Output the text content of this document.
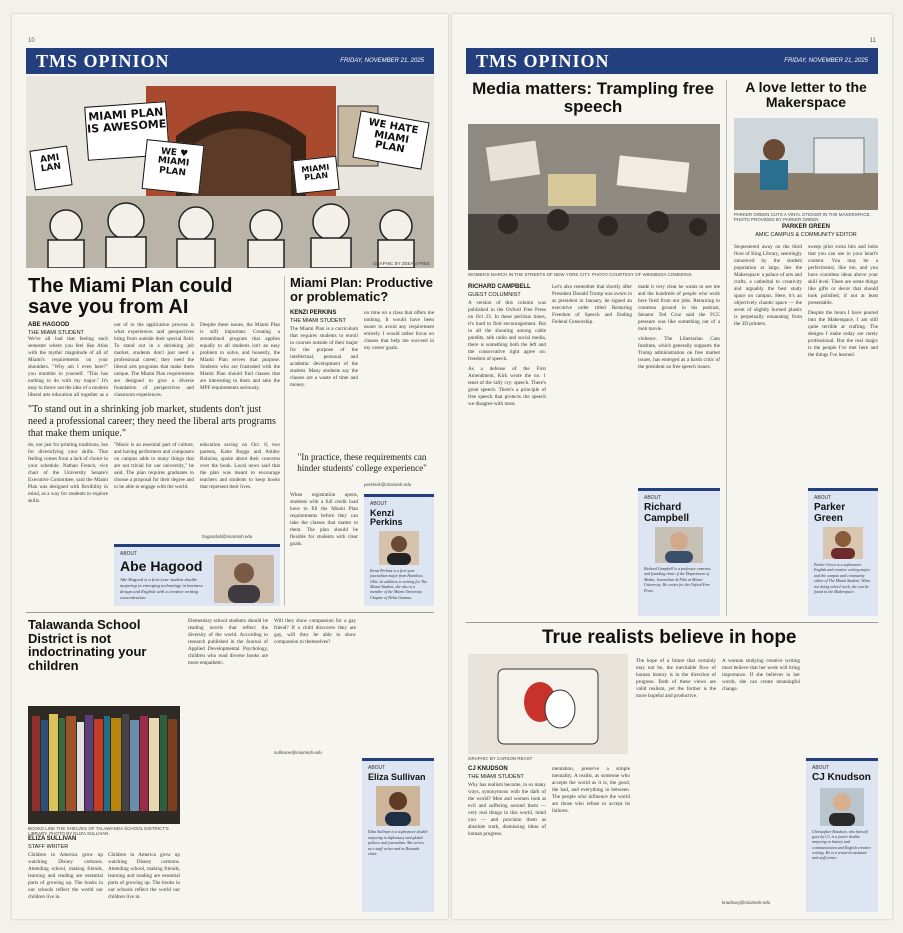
10
TMS OPINION	FRIDAY, NOVEMBER 21, 2025
MIAMI PLAN IS AWESOME
WE ♥ MIAMI PLAN
WE HATE MIAMI PLAN
MIAMI PLAN
AMI LAN
GRAPHIC BY ZEEAN FREE
The Miami Plan could save you from AI
ABE HAGOOD
THE MIAMI STUDENT

We've all had that feeling each semester where you feel like Atlas with the mythic magnitude of all of Miami's requirements on your shoulders. "Why am I even here?" you mumble to yourself. "This has nothing to do with my major." It's easy to throw out the idea of a modern liberal arts education all together as a

out of to the application process is what experiences and perspectives bring from outside their special field. To stand out in a shrinking job market, students don't just need a professional career; they need the liberal arts programs that make them unique. The Miami Plan requirements are designed to give a diverse foundation of perspectives and classroom experiences.

Despite these issues, the Miami Plan is still important. Creating a streamlined program that applies equally to all students isn't an easy problem to solve, and honestly, the Miami Plan serves that purpose. Students who are frustrated with the Miami Plan should find classes that are interesting to them and take the MPF requirements seriously.

"To stand out in a shrinking job market, students don't just need a professional career; they need the liberal arts programs that make them unique."

do, not just for printing traditions, but for diversifying your skills. That feeling comes from a lack of choice in your schedule. Nathan French, vice chair of the University Senate's Executive Committee, said the Miami Plan was designed with flexibility in mind, as a way for students to explore skills.

"Music is an essential part of culture, and having performers and composers on campus adds to many things that are not trivial for our university," he said. The plan requires graduates to choose a proposal for their degree and to be able to engage with the world.

education saving on Oct. 8, two parents, Katie Boggs and Ashley Boltzius, spoke about their concerns over the book. Local news said that the plan was meant to encourage teachers and students to keep books that represent their lives.

hagoodab@miamioh.edu
ABOUT
Abe Hagood
Abe Hagood is a first-year student double majoring in emerging technology in business design and English with a creative writing concentration.
Miami Plan: Productive or problematic?
KENZI PERKINS
THE MIAMI STUDENT

The Miami Plan is a curriculum that requires students to enroll in courses outside of their major for the purpose of the intellectual, personal and academic development of the student. Many students say the classes are a waste of time and money.

no time on a class that offers me nothing. It would have been easier to avoid any requirement entirely. I would rather focus on classes that help me succeed in my career goals.

"In practice, these requirements can hinder students' college experience"

When registration opens, students with a full credit load have to fill the Miami Plan requirements before they can take the classes that matter to them. The plan should be flexible for students with clear goals.

perkinsk@miamioh.edu
ABOUT
Kenzi Perkins
Kenzi Perkins is a first-year journalism major from Hamilton, Ohio. In addition to writing for The Miami Student, she also is a member of the Miami University Chapter of Delta Gamma.
Talawanda School District is not indoctrinating your children
BOOKS LINE THE SHELVES OF TALAWANDA SCHOOL DISTRICT'S LIBRARY. PHOTO BY ELIZA SULLIVAN
ELIZA SULLIVAN
STAFF WRITER

Children in America grow up watching Disney cartoons. Attending school, making friends, learning and reading are essential parts of growing up. The books in our schools reflect the world our children live in.

Children in America grow up watching Disney cartoons. Attending school, making friends, learning and reading are essential parts of growing up. The books in our schools reflect the world our children live in.

Elementary school students should be reading novels that reflect the diversity of the world. According to research published in the Journal of Applied Developmental Psychology, children who read diverse books are more empathetic.

Will they show compassion for a gay friend? If a child discovers they are gay, will they be able to show compassion to themselves?

sullivane@miamioh.edu
ABOUT
Eliza Sullivan
Eliza Sullivan is a sophomore double majoring in diplomacy and global politics and journalism. She serves as a staff writer and as Rotunda chair.
11
TMS OPINION	FRIDAY, NOVEMBER 21, 2025
Media matters: Trampling free speech
WOMEN'S MARCH IN THE STREETS OF NEW YORK CITY. PHOTO COURTESY OF WIKIMEDIA COMMONS
RICHARD CAMPBELL
GUEST COLUMNIST

A version of this column was published in the Oxford Free Press on Oct 23. In these perilous times, it's hard to find encouragement. But in all the shouting among cable pundits, talk radio and social media, there is something both the left and the conservative right agree on: freedom of speech.

As a defense of the First Amendment, Kirk wrote the no. 1 tenet of the rally cry: speech. There's great speech. There's a principle of free speech that protects the speech we disagree with most.

Let's also remember that shortly after President Donald Trump was sworn in as president in January, he signed an executive order titled Restoring Freedom of Speech and Ending Federal Censorship.

made it very clear he wants to see me and the hundreds of people who work here fired from our jobs. Returning to common ground in his podcast, Senator Ted Cruz said the FCC pressure was like something out of a mob movie.

violence. The Libertarian Cato Institute, which generally supports the Trump administration on free market issues, has emerged as a harsh critic of the president on free speech issues.

ABOUT
Richard Campbell
Richard Campbell is a professor emeritus and founding chair of the Department of Media, Journalism & Film at Miami University. He writes for the Oxford Free Press.
A love letter to the Makerspace
PARKER GREEN CUTS A VINYL STICKER IN THE MAKERSPACE. PHOTO PROVIDED BY PARKER GREEN
PARKER GREEN
AMIC CAMPUS & COMMUNITY EDITOR

Sequestered away on the third floor of King Library, seemingly unnoticed by the student population at large, lies the Makerspace: a palace of arts and crafts, a cathedral to creativity and arguably the best study space on campus. Here, it's an objectively chaotic space — the scent of slightly burned plastic is perpetually emanating from the 3D printers.

sweep pilot extra bits and bobs that you can use in your heart's content. You may be a perfectionist, like me, and you have countless ideas above your skill level. There are some things like gifts or decor that should look polished, if not at least presentable.

Despite the hours I have poured into the Makerspace, I am still quite terrible at crafting. The designs I make today are rarely professional. But the real magic is the people I've met here and the things I've learned.

ABOUT
Parker Green
Parker Green is a sophomore English and creative writing major and the campus and community editor of The Miami Student. When not doing school work, she can be found in the Makerspace.
True realists believe in hope
GRAPHIC BY CARSON REAST
CJ KNUDSON
THE MIAMI STUDENT

Why has realism become, in so many ways, synonymous with the dark of the world? Men and women look at evil and suffering around them — very real things in this world, mind you — and proclaim them as absolute truth, dismissing ideas of human progress.

mentation, preserve a simple mentality. A realist, as someone who accepts the world as it is, the good, the bad, and everything in between. The people who influence the world are those who refuse to accept its failures.

The hope of a future that certainly may not be, the inevitable flow of human history is in the direction of progress. Both of these views are valid realism, yet the former is the more hopeful and productive.

A woman studying creative writing must believe that her work will bring importance. If she believes in her words, she can create meaningful change.

knudsocj@miamioh.edu
ABOUT
CJ Knudson
Christopher Knudson, who himself goes by CJ, is a junior double majoring in history and communication and English creative writing. He is a research assistant and staff writer.
